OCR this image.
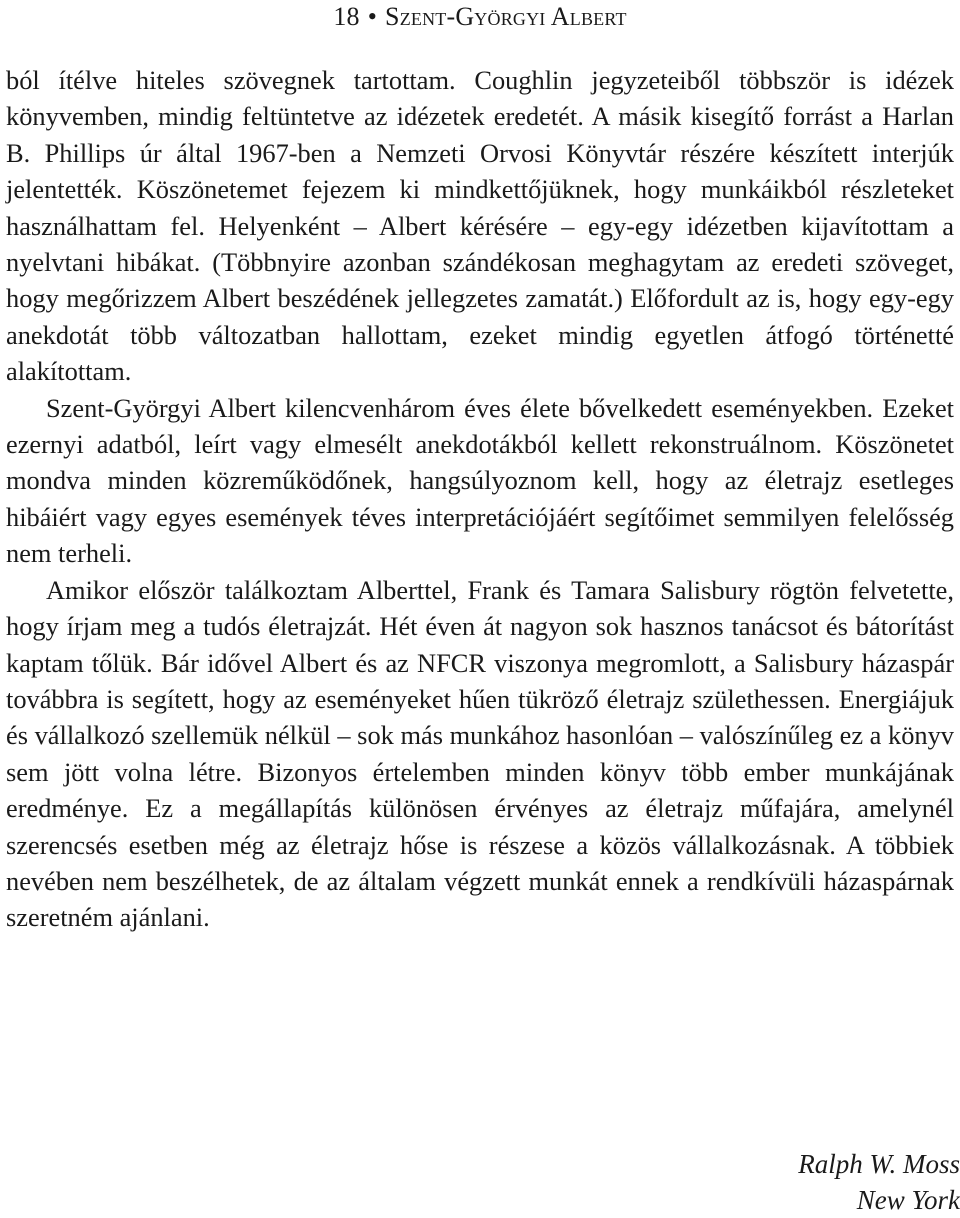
18 • Szent-Györgyi Albert

ból ítélve hiteles szövegnek tartottam. Coughlin jegyzeteiből többször is idézek könyvemben, mindig feltüntetve az idézetek eredetét. A másik kisegítő forrást a Harlan B. Phillips úr által 1967-ben a Nemzeti Orvosi Könyvtár részére készített interjúk jelentették. Köszönetemet fejezem ki mindkettőjüknek, hogy munkáikból részleteket használhattam fel. Helyenként – Albert kérésére – egy-egy idézetben kijavítottam a nyelvtani hibákat. (Többnyire azonban szándékosan meghagytam az eredeti szöveget, hogy megőrizzem Albert beszédének jellegzetes zamatát.) Előfordult az is, hogy egy-egy anekdotát több változatban hallottam, ezeket mindig egyetlen átfogó történetté alakítottam.

Szent-Györgyi Albert kilencvenhárom éves élete bővelkedett eseményekben. Ezeket ezernyi adatból, leírt vagy elmesélt anekdotákból kellett rekonstruálnom. Köszönetet mondva minden közreműködőnek, hangsúlyoznom kell, hogy az életrajz esetleges hibáiért vagy egyes események téves interpretációjáért segítőimet semmilyen felelősség nem terheli.

Amikor először találkoztam Alberttel, Frank és Tamara Salisbury rögtön felvetette, hogy írjam meg a tudós életrajzát. Hét éven át nagyon sok hasznos tanácsot és bátorítást kaptam tőlük. Bár idővel Albert és az NFCR viszonya megromlott, a Salisbury házaspár továbbra is segített, hogy az eseményeket hűen tükröző életrajz születhessen. Energiájuk és vállalkozó szellemük nélkül – sok más munkához hasonlóan – valószínűleg ez a könyv sem jött volna létre. Bizonyos értelemben minden könyv több ember munkájának eredménye. Ez a megállapítás különösen érvényes az életrajz műfajára, amelynél szerencsés esetben még az életrajz hőse is részese a közös vállalkozásnak. A többiek nevében nem beszélhetek, de az általam végzett munkát ennek a rendkívüli házaspárnak szeretném ajánlani.

Ralph W. Moss
New York
